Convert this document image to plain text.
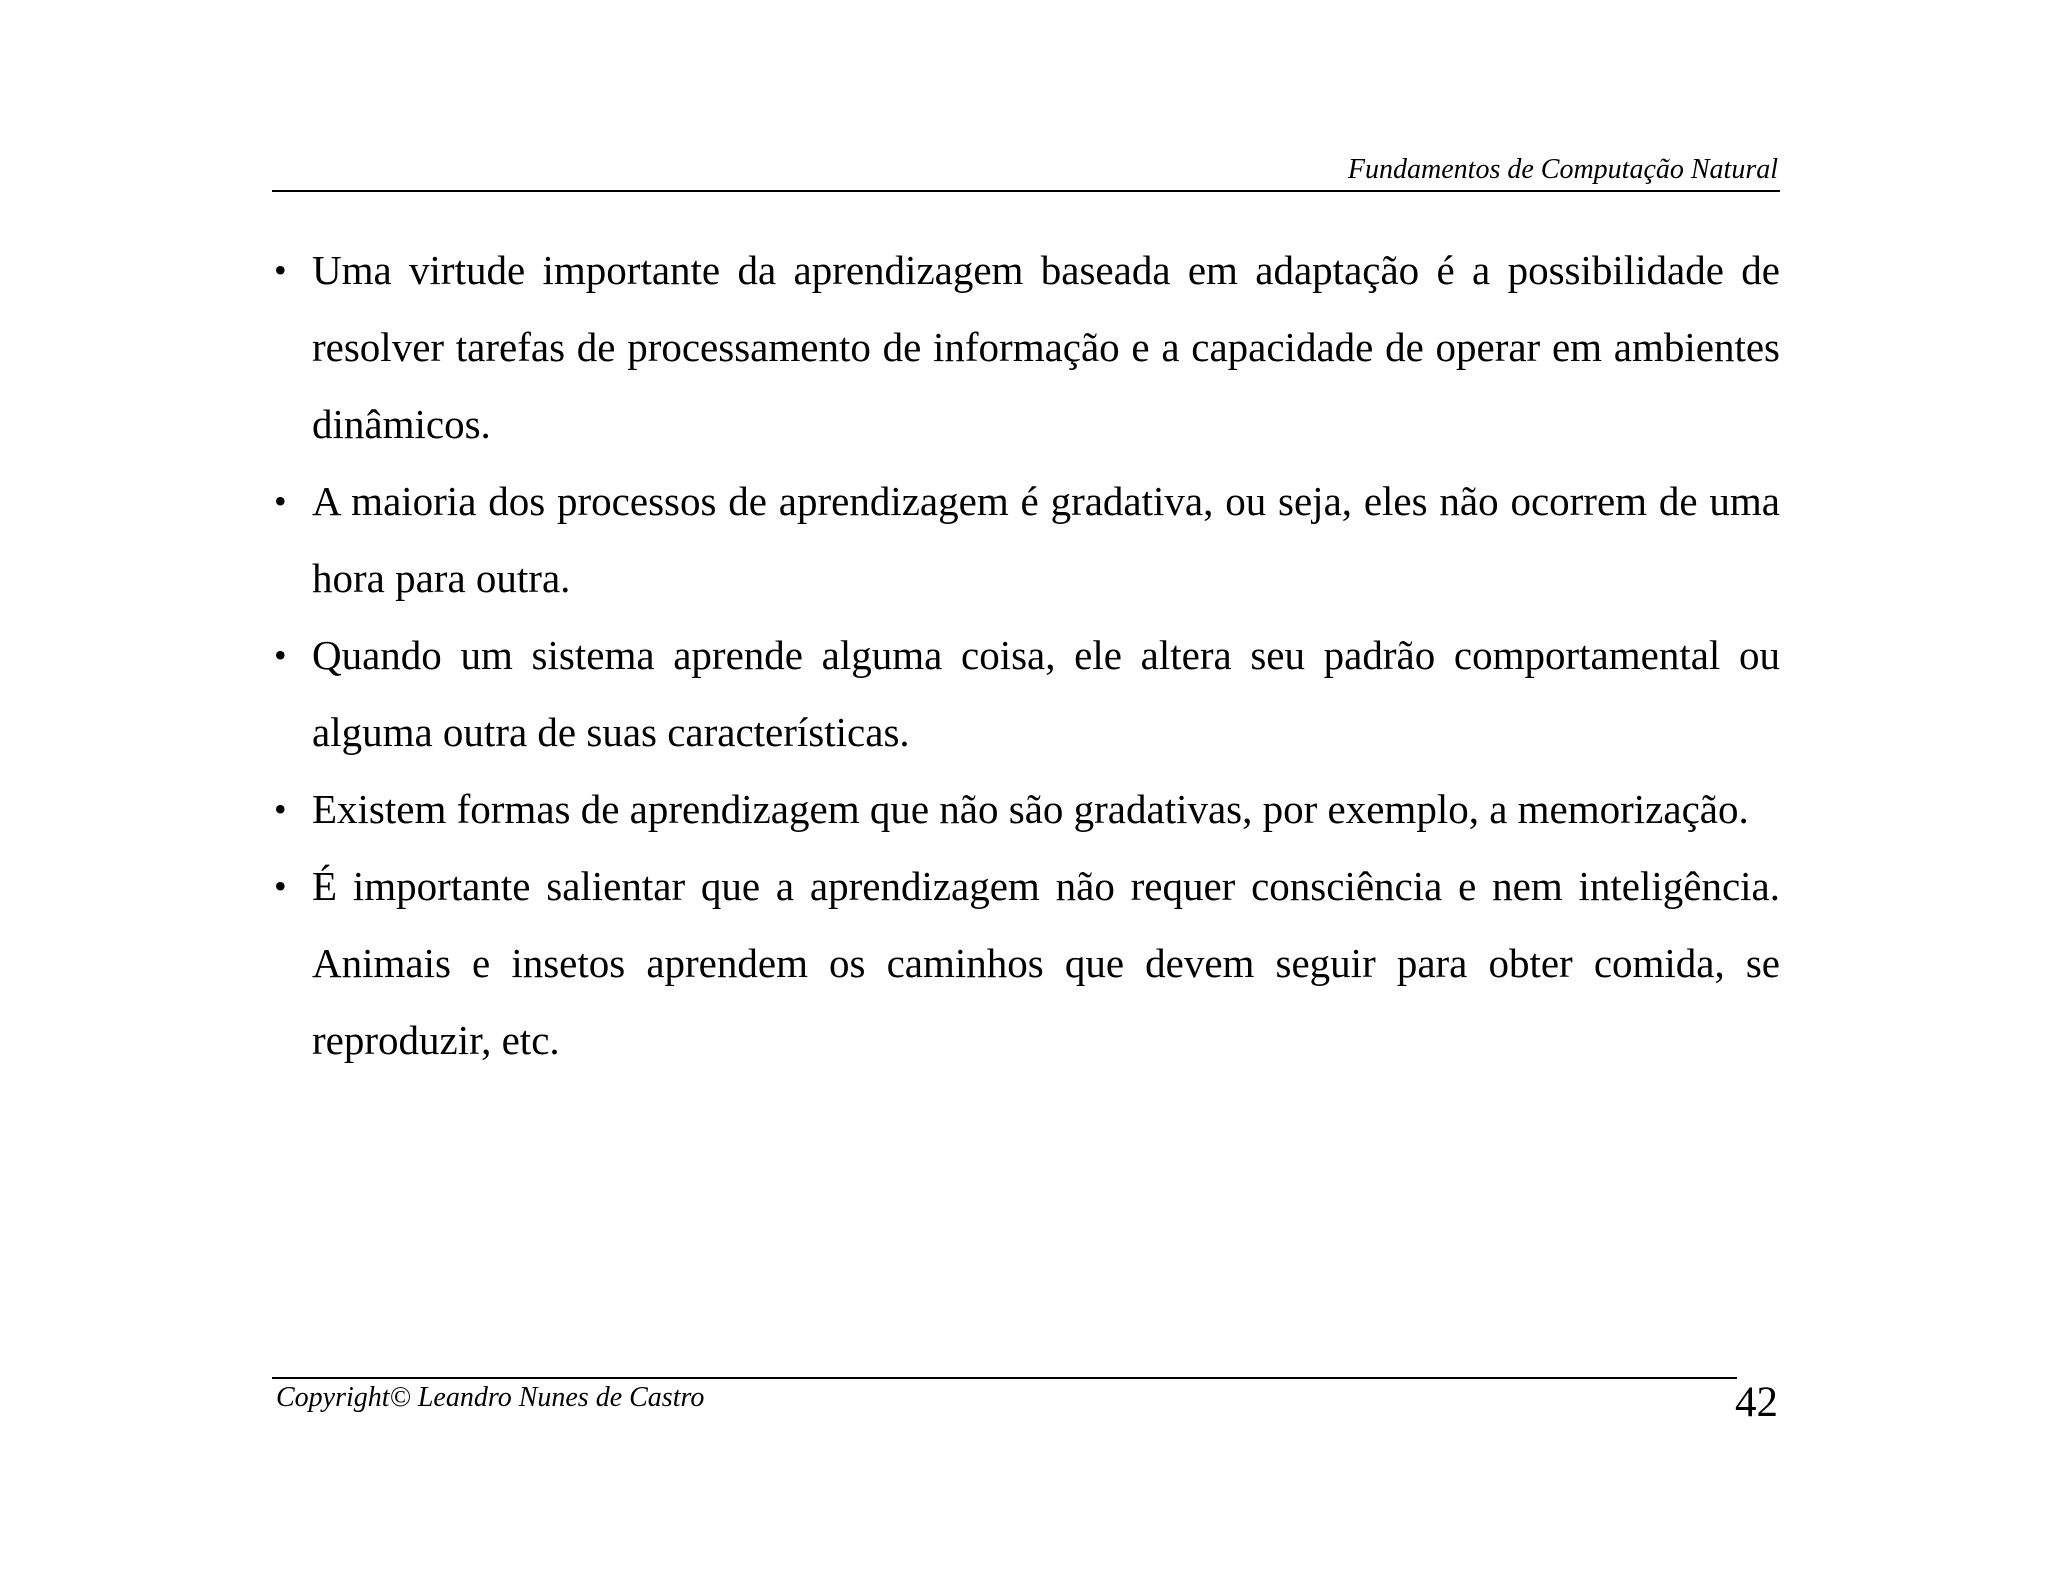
Fundamentos de Computação Natural
• Uma virtude importante da aprendizagem baseada em adaptação é a possibilidade de resolver tarefas de processamento de informação e a capacidade de operar em ambientes dinâmicos.
• A maioria dos processos de aprendizagem é gradativa, ou seja, eles não ocorrem de uma hora para outra.
• Quando um sistema aprende alguma coisa, ele altera seu padrão comportamental ou alguma outra de suas características.
• Existem formas de aprendizagem que não são gradativas, por exemplo, a memorização.
• É importante salientar que a aprendizagem não requer consciência e nem inteligência. Animais e insetos aprendem os caminhos que devem seguir para obter comida, se reproduzir, etc.
Copyright© Leandro Nunes de Castro	42
